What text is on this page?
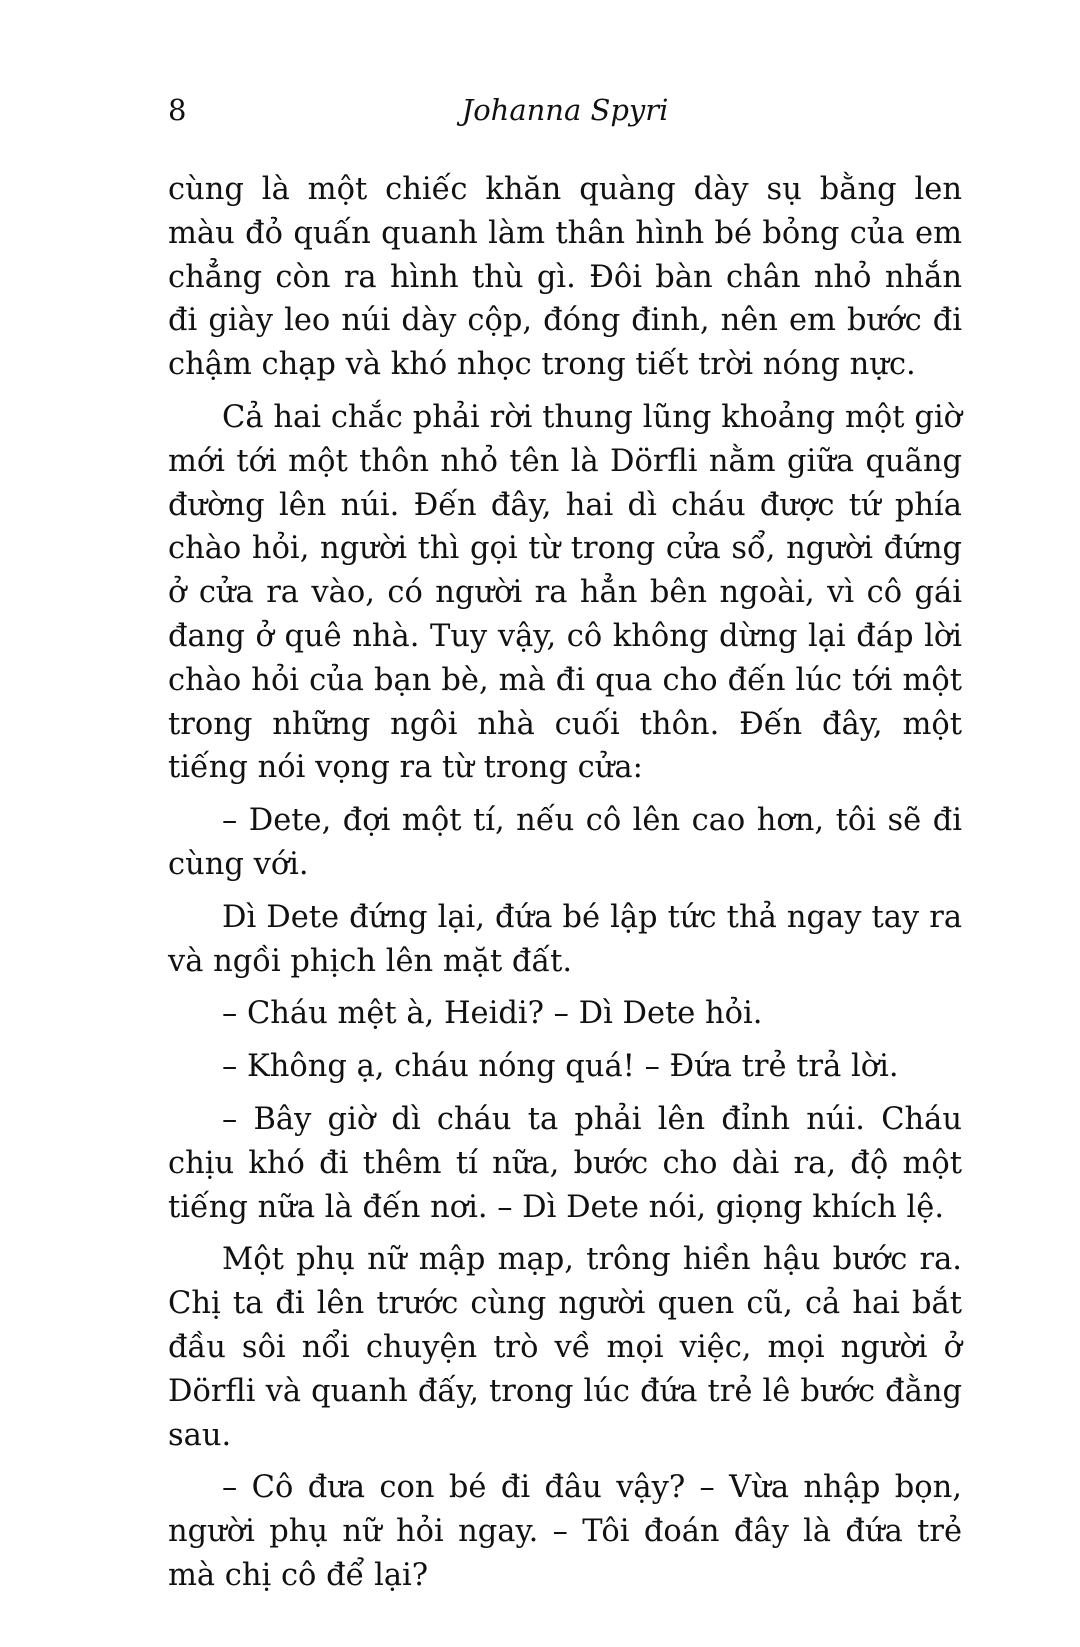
8	Johanna Spyri

cùng là một chiếc khăn quàng dày sụ bằng len màu đỏ quấn quanh làm thân hình bé bỏng của em chẳng còn ra hình thù gì. Đôi bàn chân nhỏ nhắn đi giày leo núi dày cộp, đóng đinh, nên em bước đi chậm chạp và khó nhọc trong tiết trời nóng nực.

Cả hai chắc phải rời thung lũng khoảng một giờ mới tới một thôn nhỏ tên là Dörfli nằm giữa quãng đường lên núi. Đến đây, hai dì cháu được tứ phía chào hỏi, người thì gọi từ trong cửa sổ, người đứng ở cửa ra vào, có người ra hẳn bên ngoài, vì cô gái đang ở quê nhà. Tuy vậy, cô không dừng lại đáp lời chào hỏi của bạn bè, mà đi qua cho đến lúc tới một trong những ngôi nhà cuối thôn. Đến đây, một tiếng nói vọng ra từ trong cửa:

– Dete, đợi một tí, nếu cô lên cao hơn, tôi sẽ đi cùng với.

Dì Dete đứng lại, đứa bé lập tức thả ngay tay ra và ngồi phịch lên mặt đất.

– Cháu mệt à, Heidi? – Dì Dete hỏi.

– Không ạ, cháu nóng quá! – Đứa trẻ trả lời.

– Bây giờ dì cháu ta phải lên đỉnh núi. Cháu chịu khó đi thêm tí nữa, bước cho dài ra, độ một tiếng nữa là đến nơi. – Dì Dete nói, giọng khích lệ.

Một phụ nữ mập mạp, trông hiền hậu bước ra. Chị ta đi lên trước cùng người quen cũ, cả hai bắt đầu sôi nổi chuyện trò về mọi việc, mọi người ở Dörfli và quanh đấy, trong lúc đứa trẻ lê bước đằng sau.

– Cô đưa con bé đi đâu vậy? – Vừa nhập bọn, người phụ nữ hỏi ngay. – Tôi đoán đây là đứa trẻ mà chị cô để lại?
